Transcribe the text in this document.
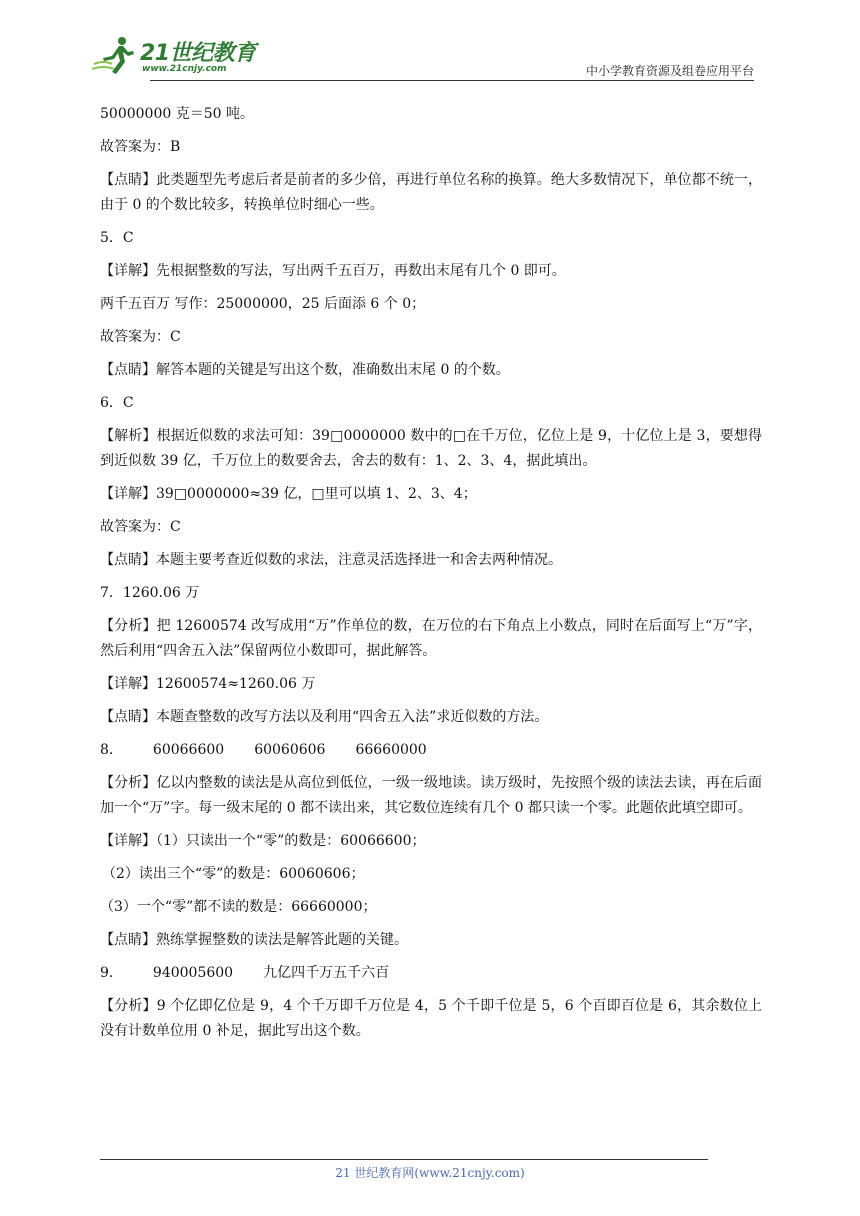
21世纪教育
www.21cnjy.com	中小学教育资源及组卷应用平台

50000000 克＝50 吨。

故答案为：B

【点睛】此类题型先考虑后者是前者的多少倍，再进行单位名称的换算。绝大多数情况下，单位都不统一，由于 0 的个数比较多，转换单位时细心一些。

5．C

【详解】先根据整数的写法，写出两千五百万，再数出末尾有几个 0 即可。

两千五百万 写作：25000000，25 后面添 6 个 0；

故答案为：C

【点睛】解答本题的关键是写出这个数，准确数出末尾 0 的个数。

6．C

【解析】根据近似数的求法可知：39□0000000 数中的□在千万位，亿位上是 9，十亿位上是 3，要想得到近似数 39 亿，千万位上的数要舍去，舍去的数有：1、2、3、4，据此填出。

【详解】39□0000000≈39 亿，□里可以填 1、2、3、4；

故答案为：C

【点睛】本题主要考查近似数的求法，注意灵活选择进一和舍去两种情况。

7．1260.06 万

【分析】把 12600574 改写成用“万”作单位的数，在万位的右下角点上小数点，同时在后面写上“万”字，然后利用“四舍五入法”保留两位小数即可，据此解答。

【详解】12600574≈1260.06 万

【点睛】本题查整数的改写方法以及利用“四舍五入法”求近似数的方法。

8． 60066600 60060606 66660000

【分析】亿以内整数的读法是从高位到低位，一级一级地读。读万级时，先按照个级的读法去读，再在后面加一个“万”字。每一级末尾的 0 都不读出来，其它数位连续有几个 0 都只读一个零。此题依此填空即可。

【详解】（1）只读出一个“零”的数是：60066600；

（2）读出三个“零”的数是：60060606；

（3）一个“零”都不读的数是：66660000；

【点睛】熟练掌握整数的读法是解答此题的关键。

9． 940005600 九亿四千万五千六百

【分析】9 个亿即亿位是 9，4 个千万即千万位是 4，5 个千即千位是 5，6 个百即百位是 6，其余数位上没有计数单位用 0 补足，据此写出这个数。

21 世纪教育网(www.21cnjy.com)
